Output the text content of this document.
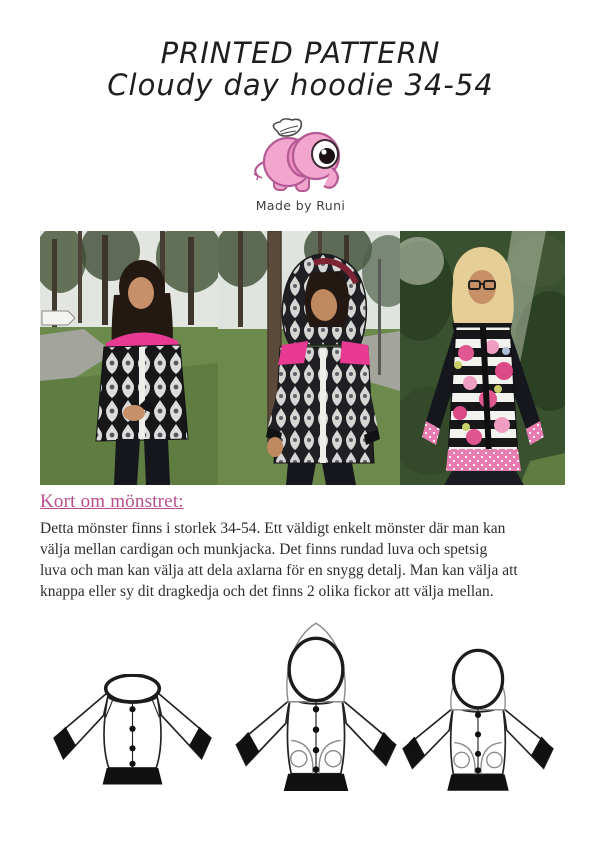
PRINTED PATTERN
Cloudy day hoodie 34-54
Made by Runi
Kort om mönstret:
Detta mönster finns i storlek 34-54. Ett väldigt enkelt mönster där man kan
välja mellan cardigan och munkjacka. Det finns rundad luva och spetsig
luva och man kan välja att dela axlarna för en snygg detalj. Man kan välja att
knappa eller sy dit dragkedja och det finns 2 olika fickor att välja mellan.
